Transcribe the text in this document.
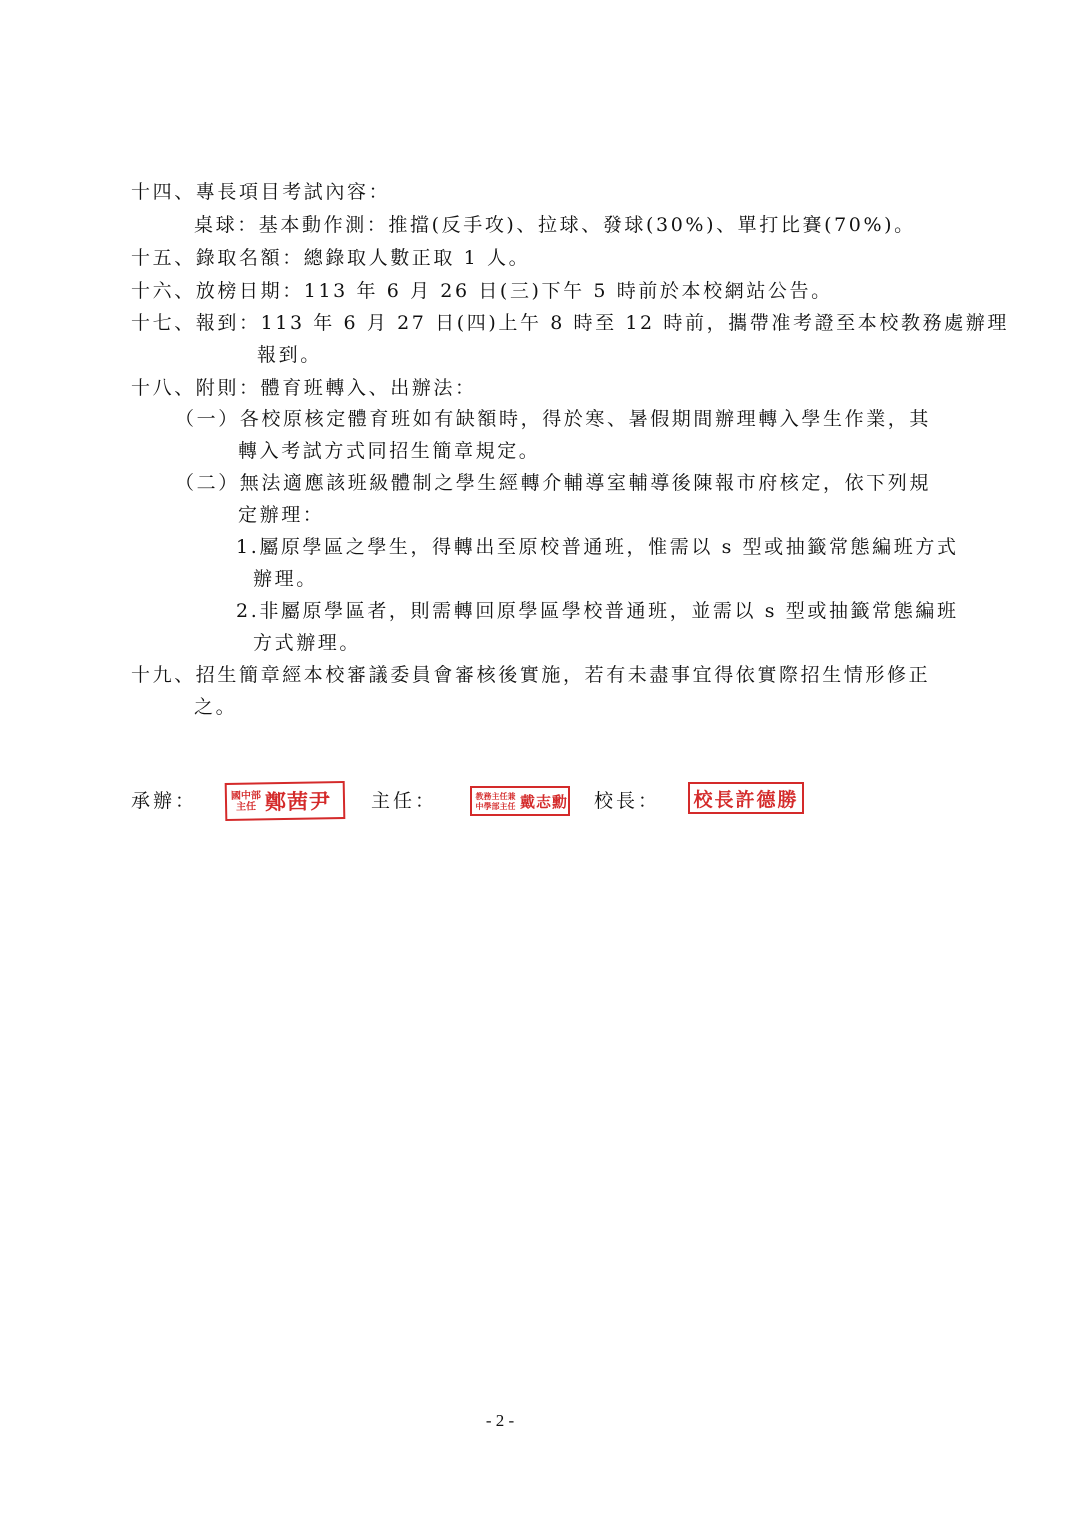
十四、專長項目考試內容：
桌球：基本動作測：推擋(反手攻)、拉球、發球(30%)、單打比賽(70%)。
十五、錄取名額：總錄取人數正取 1 人。
十六、放榜日期：113 年 6 月 26 日(三)下午 5 時前於本校網站公告。
十七、報到：113 年 6 月 27 日(四)上午 8 時至 12 時前，攜帶准考證至本校教務處辦理
報到。
十八、附則：體育班轉入、出辦法：
（一）各校原核定體育班如有缺額時，得於寒、暑假期間辦理轉入學生作業，其
轉入考試方式同招生簡章規定。
（二）無法適應該班級體制之學生經轉介輔導室輔導後陳報市府核定，依下列規
定辦理：
1.屬原學區之學生，得轉出至原校普通班，惟需以 s 型或抽籤常態編班方式
辦理。
2.非屬原學區者，則需轉回原學區學校普通班，並需以 s 型或抽籤常態編班
方式辦理。
十九、招生簡章經本校審議委員會審核後實施，若有未盡事宜得依實際招生情形修正
之。
承辦：	國中部主任 鄭茜尹 主任：	教務主任兼中學部主任 戴志勳 校長： 校長許德勝
- 2 -
